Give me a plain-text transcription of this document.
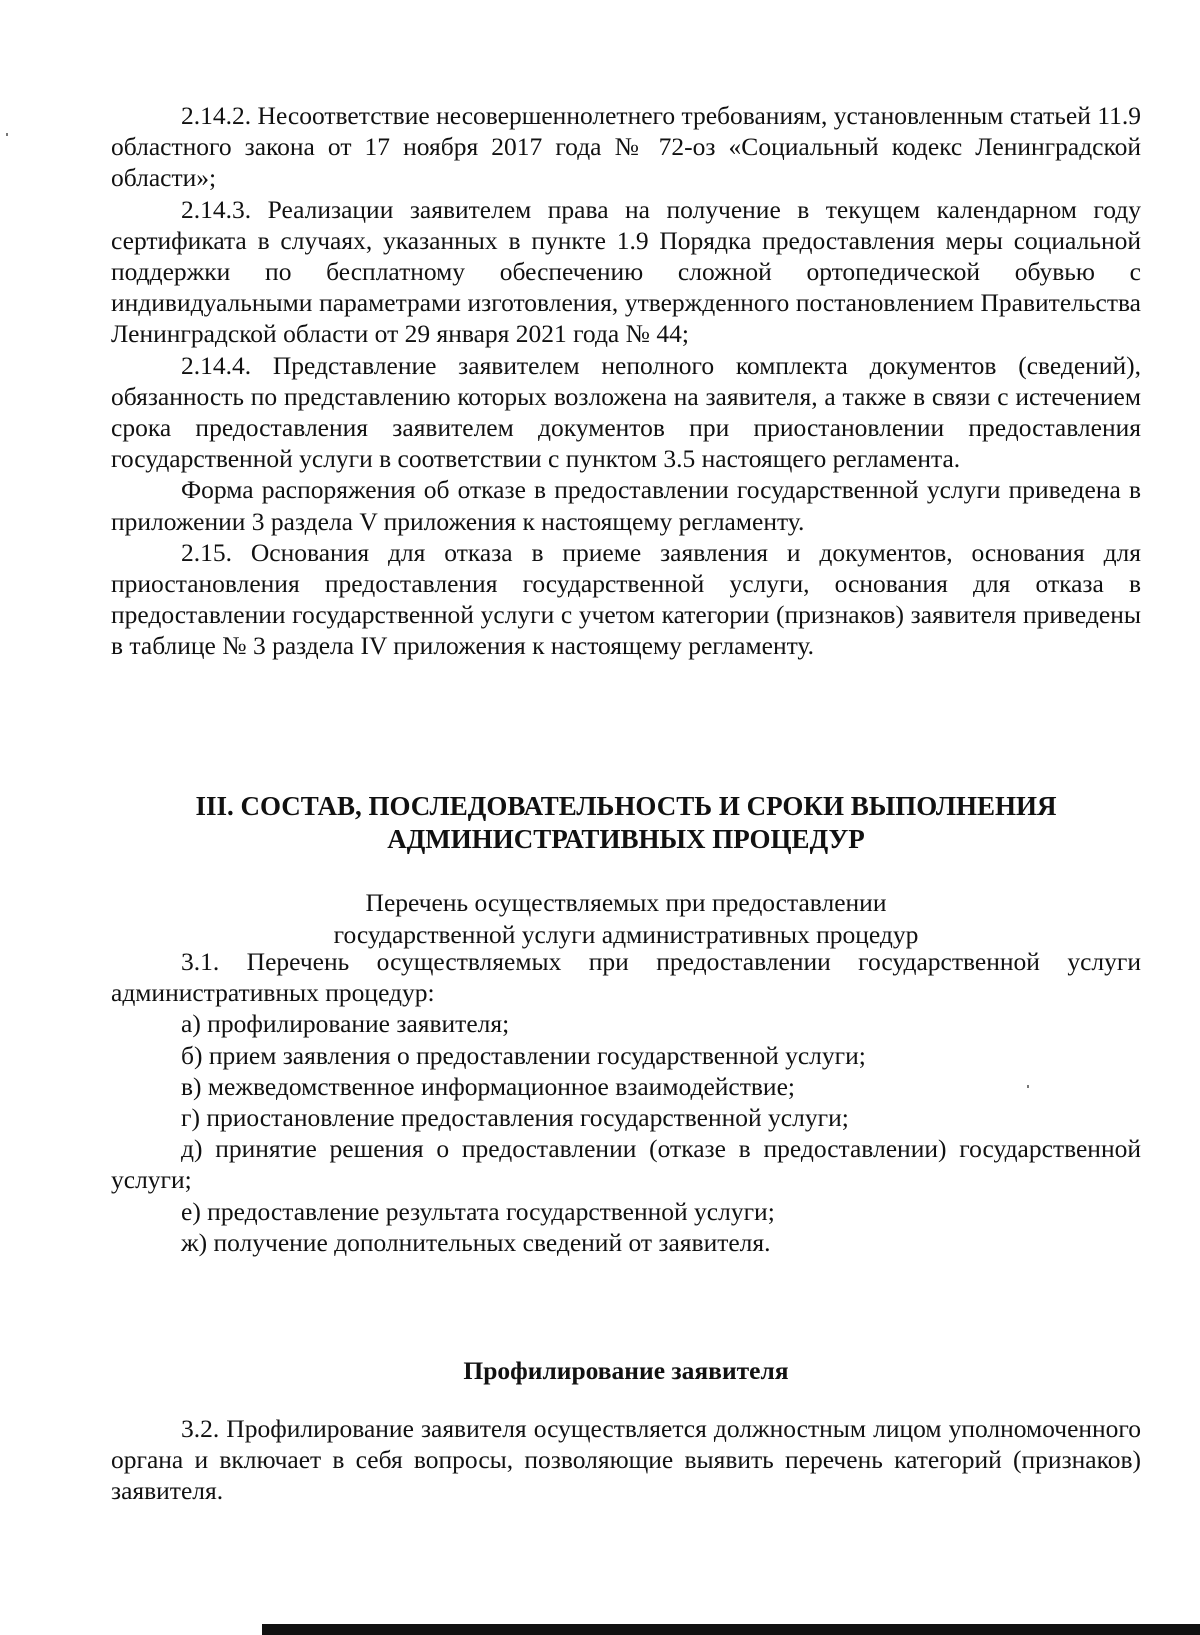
2.14.2. Несоответствие несовершеннолетнего требованиям, установленным статьей 11.9 областного закона от 17 ноября 2017 года № 72-оз «Социальный кодекс Ленинградской области»;

2.14.3. Реализации заявителем права на получение в текущем календарном году сертификата в случаях, указанных в пункте 1.9 Порядка предоставления меры социальной поддержки по бесплатному обеспечению сложной ортопедической обувью с индивидуальными параметрами изготовления, утвержденного постановлением Правительства Ленинградской области от 29 января 2021 года № 44;

2.14.4. Представление заявителем неполного комплекта документов (сведений), обязанность по представлению которых возложена на заявителя, а также в связи с истечением срока предоставления заявителем документов при приостановлении предоставления государственной услуги в соответствии с пунктом 3.5 настоящего регламента.

Форма распоряжения об отказе в предоставлении государственной услуги приведена в приложении 3 раздела V приложения к настоящему регламенту.

2.15. Основания для отказа в приеме заявления и документов, основания для приостановления предоставления государственной услуги, основания для отказа в предоставлении государственной услуги с учетом категории (признаков) заявителя приведены в таблице № 3 раздела IV приложения к настоящему регламенту.

III. СОСТАВ, ПОСЛЕДОВАТЕЛЬНОСТЬ И СРОКИ ВЫПОЛНЕНИЯ
АДМИНИСТРАТИВНЫХ ПРОЦЕДУР
Перечень осуществляемых при предоставлении
государственной услуги административных процедур

3.1. Перечень осуществляемых при предоставлении государственной услуги административных процедур:

а) профилирование заявителя;

б) прием заявления о предоставлении государственной услуги;

в) межведомственное информационное взаимодействие;

г) приостановление предоставления государственной услуги;

д) принятие решения о предоставлении (отказе в предоставлении) государственной услуги;

е) предоставление результата государственной услуги;

ж) получение дополнительных сведений от заявителя.

Профилирование заявителя

3.2. Профилирование заявителя осуществляется должностным лицом уполномоченного органа и включает в себя вопросы, позволяющие выявить перечень категорий (признаков) заявителя.
